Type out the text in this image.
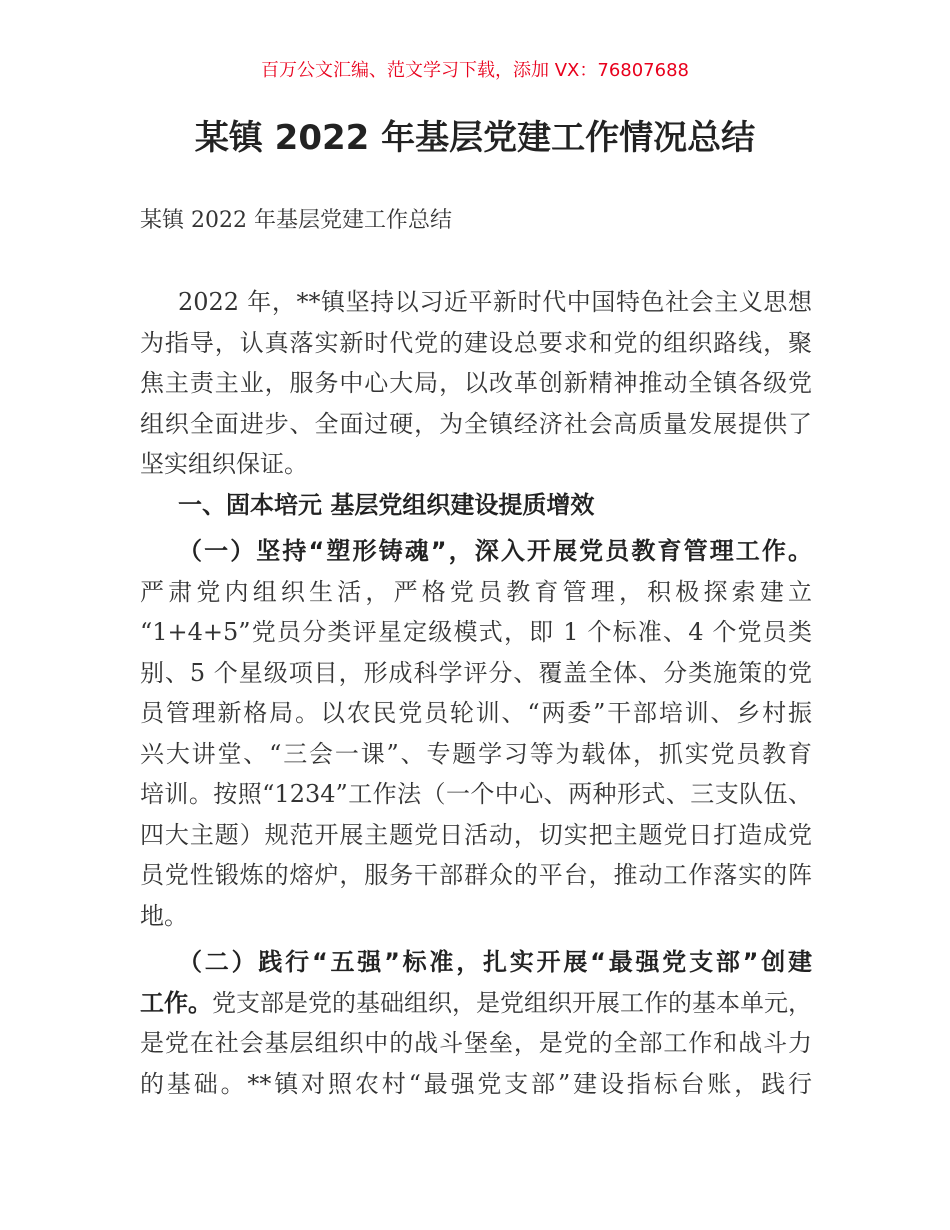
百万公文汇编、范文学习下载，添加 VX：76807688
某镇 2022 年基层党建工作情况总结
某镇 2022 年基层党建工作总结
2022 年，**镇坚持以习近平新时代中国特色社会主义思想
为指导，认真落实新时代党的建设总要求和党的组织路线，聚
焦主责主业，服务中心大局，以改革创新精神推动全镇各级党
组织全面进步、全面过硬，为全镇经济社会高质量发展提供了
坚实组织保证。
一、固本培元 基层党组织建设提质增效
（一）坚持“塑形铸魂”，深入开展党员教育管理工作。
严肃党内组织生活，严格党员教育管理，积极探索建立
“1+4+5”党员分类评星定级模式，即 1 个标准、4 个党员类
别、5 个星级项目，形成科学评分、覆盖全体、分类施策的党
员管理新格局。以农民党员轮训、“两委”干部培训、乡村振
兴大讲堂、“三会一课”、专题学习等为载体，抓实党员教育
培训。按照“1234”工作法（一个中心、两种形式、三支队伍、
四大主题）规范开展主题党日活动，切实把主题党日打造成党
员党性锻炼的熔炉，服务干部群众的平台，推动工作落实的阵
地。
（二）践行“五强”标准，扎实开展“最强党支部”创建
工作。党支部是党的基础组织，是党组织开展工作的基本单元，
是党在社会基层组织中的战斗堡垒，是党的全部工作和战斗力
的基础。**镇对照农村“最强党支部”建设指标台账，践行
